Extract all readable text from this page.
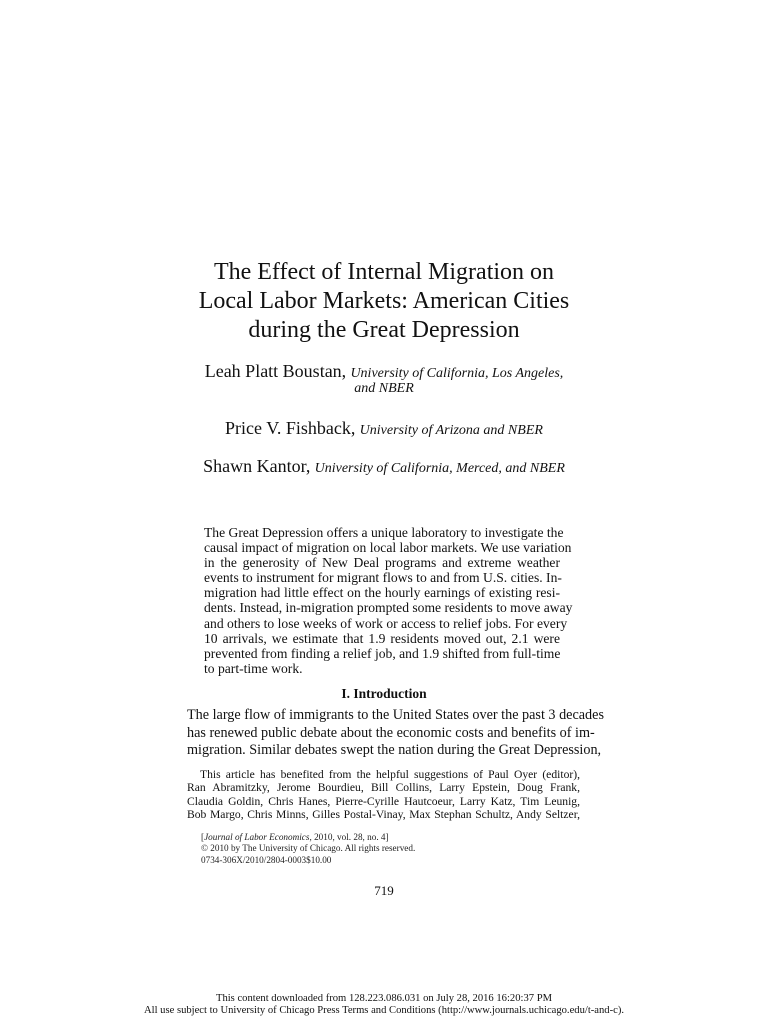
The Effect of Internal Migration on
Local Labor Markets: American Cities
during the Great Depression
Leah Platt Boustan, University of California, Los Angeles,
and NBER
Price V. Fishback, University of Arizona and NBER
Shawn Kantor, University of California, Merced, and NBER
The Great Depression offers a unique laboratory to investigate the
causal impact of migration on local labor markets. We use variation
in the generosity of New Deal programs and extreme weather
events to instrument for migrant flows to and from U.S. cities. In-
migration had little effect on the hourly earnings of existing resi-
dents. Instead, in-migration prompted some residents to move away
and others to lose weeks of work or access to relief jobs. For every
10 arrivals, we estimate that 1.9 residents moved out, 2.1 were
prevented from finding a relief job, and 1.9 shifted from full-time
to part-time work.
I. Introduction
The large flow of immigrants to the United States over the past 3 decades
has renewed public debate about the economic costs and benefits of im-
migration. Similar debates swept the nation during the Great Depression,
This article has benefited from the helpful suggestions of Paul Oyer (editor),
Ran Abramitzky, Jerome Bourdieu, Bill Collins, Larry Epstein, Doug Frank,
Claudia Goldin, Chris Hanes, Pierre-Cyrille Hautcoeur, Larry Katz, Tim Leunig,
Bob Margo, Chris Minns, Gilles Postal-Vinay, Max Stephan Schultz, Andy Seltzer,
[Journal of Labor Economics, 2010, vol. 28, no. 4]
© 2010 by The University of Chicago. All rights reserved.
0734-306X/2010/2804-0003$10.00
719
This content downloaded from 128.223.086.031 on July 28, 2016 16:20:37 PM
All use subject to University of Chicago Press Terms and Conditions (http://www.journals.uchicago.edu/t-and-c).
